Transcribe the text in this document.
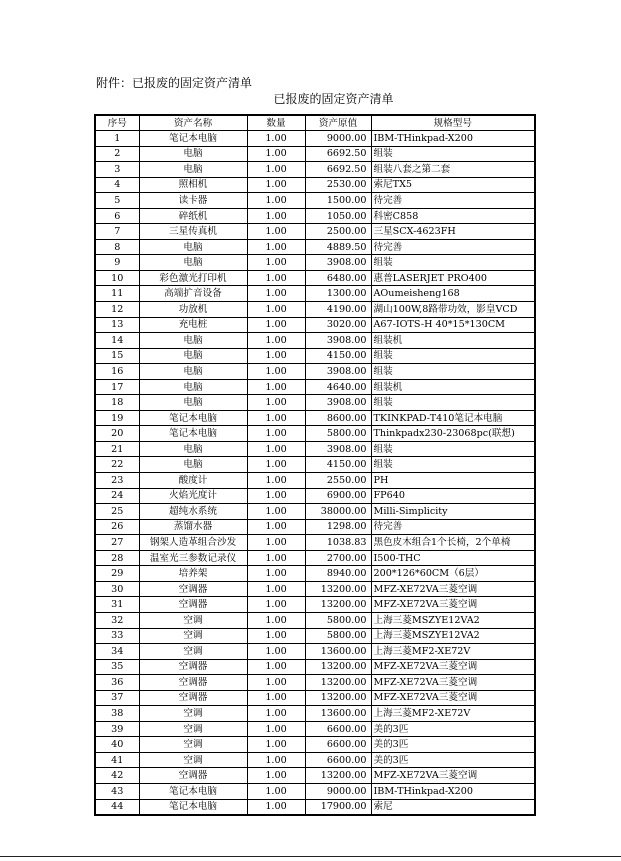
附件：已报废的固定资产清单
已报废的固定资产清单
序号	资产名称	数量	资产原值	规格型号
1	笔记本电脑	1.00	9000.00	IBM-THinkpad-X200
2	电脑	1.00	6692.50	组装
3	电脑	1.00	6692.50	组装八套之第二套
4	照相机	1.00	2530.00	索尼TX5
5	读卡器	1.00	1500.00	待完善
6	碎纸机	1.00	1050.00	科密C858
7	三星传真机	1.00	2500.00	三星SCX-4623FH
8	电脑	1.00	4889.50	待完善
9	电脑	1.00	3908.00	组装
10	彩色激光打印机	1.00	6480.00	惠普LASERJET PRO400
11	高端扩音设备	1.00	1300.00	AOumeisheng168
12	功放机	1.00	4190.00	湖山100W,8路带功效，影皇VCD
13	充电桩	1.00	3020.00	A67-IOTS-H 40*15*130CM
14	电脑	1.00	3908.00	组装机
15	电脑	1.00	4150.00	组装
16	电脑	1.00	3908.00	组装
17	电脑	1.00	4640.00	组装机
18	电脑	1.00	3908.00	组装
19	笔记本电脑	1.00	8600.00	TKINKPAD-T410笔记本电脑
20	笔记本电脑	1.00	5800.00	Thinkpadx230-23068pc(联想)
21	电脑	1.00	3908.00	组装
22	电脑	1.00	4150.00	组装
23	酸度计	1.00	2550.00	PH
24	火焰光度计	1.00	6900.00	FP640
25	超纯水系统	1.00	38000.00	Milli-Simplicity
26	蒸馏水器	1.00	1298.00	待完善
27	钢架人造革组合沙发	1.00	1038.83	黑色皮木组合1个长椅，2个单椅
28	温室光三参数记录仪	1.00	2700.00	I500-THC
29	培养架	1.00	8940.00	200*126*60CM（6层）
30	空调器	1.00	13200.00	MFZ-XE72VA三菱空调
31	空调器	1.00	13200.00	MFZ-XE72VA三菱空调
32	空调	1.00	5800.00	上海三菱MSZYE12VA2
33	空调	1.00	5800.00	上海三菱MSZYE12VA2
34	空调	1.00	13600.00	上海三菱MF2-XE72V
35	空调器	1.00	13200.00	MFZ-XE72VA三菱空调
36	空调器	1.00	13200.00	MFZ-XE72VA三菱空调
37	空调器	1.00	13200.00	MFZ-XE72VA三菱空调
38	空调	1.00	13600.00	上海三菱MF2-XE72V
39	空调	1.00	6600.00	美的3匹
40	空调	1.00	6600.00	美的3匹
41	空调	1.00	6600.00	美的3匹
42	空调器	1.00	13200.00	MFZ-XE72VA三菱空调
43	笔记本电脑	1.00	9000.00	IBM-THinkpad-X200
44	笔记本电脑	1.00	17900.00	索尼
